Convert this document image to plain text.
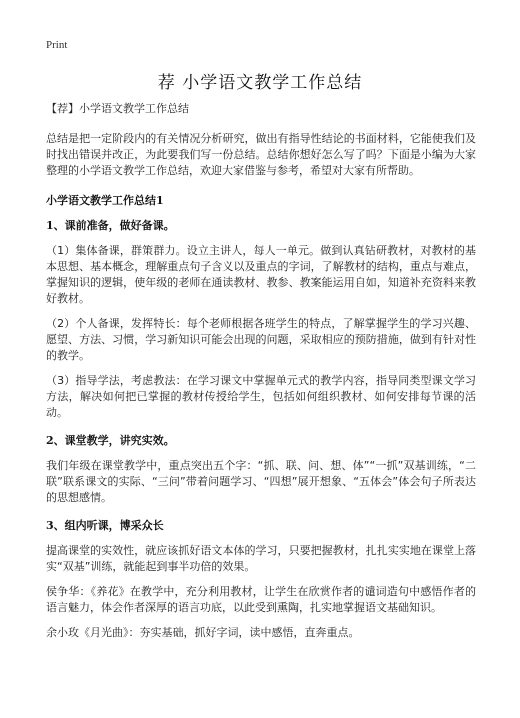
Print
荐 小学语文教学工作总结

【荐】小学语文教学工作总结

总结是把一定阶段内的有关情况分析研究，做出有指导性结论的书面材料，它能使我们及时找出错误并改正，为此要我们写一份总结。总结你想好怎么写了吗？下面是小编为大家整理的小学语文教学工作总结，欢迎大家借鉴与参考，希望对大家有所帮助。

小学语文教学工作总结1
1、课前准备，做好备课。

（1）集体备课，群策群力。设立主讲人，每人一单元。做到认真钻研教材，对教材的基本思想、基本概念，理解重点句子含义以及重点的字词，了解教材的结构，重点与难点，掌握知识的逻辑，使年级的老师在通读教材、教参、教案能运用自如，知道补充资料来教好教材。

（2）个人备课，发挥特长：每个老师根据各班学生的特点，了解掌握学生的学习兴趣、愿望、方法、习惯，学习新知识可能会出现的问题，采取相应的预防措施，做到有针对性的教学。

（3）指导学法，考虑教法：在学习课文中掌握单元式的教学内容，指导同类型课文学习方法，解决如何把已掌握的教材传授给学生，包括如何组织教材、如何安排每节课的活动。

2、课堂教学，讲究实效。

我们年级在课堂教学中，重点突出五个字：“抓、联、问、想、体”“一抓”双基训练，“二联”联系课文的实际、“三问”带着问题学习、“四想”展开想象、“五体会”体会句子所表达的思想感情。

3、组内听课，博采众长

提高课堂的实效性，就应该抓好语文本体的学习，只要把握教材，扎扎实实地在课堂上落实“双基”训练，就能起到事半功倍的效果。

侯争华：《养花》在教学中，充分利用教材，让学生在欣赏作者的谴词造句中感悟作者的语言魅力，体会作者深厚的语言功底，以此受到熏陶，扎实地掌握语文基础知识。

余小玫《月光曲》：夯实基础，抓好字词，读中感悟，直奔重点。
